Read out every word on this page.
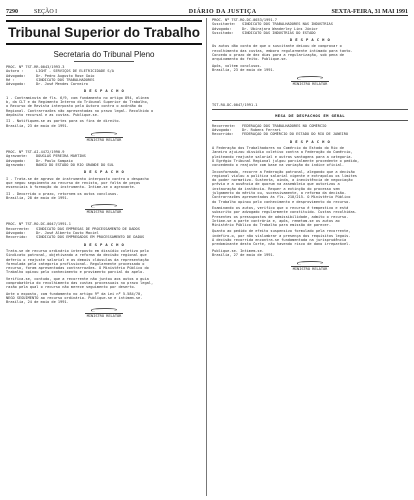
7290	SEÇÃO I	DIÁRIO DA JUSTIÇA	SEXTA-FEIRA, 31 MAI 1991
Tribunal Superior do Trabalho
Secretaria do Tribunal Pleno
PROC. Nº TST-RR-0043/1993.3
Autora :	LIGHT - SERVIÇOS DE ELETRICIDADE S/A
Advogado:	Dr. Pedro Augusto Rose Gaio
Ré :	SINDICATO DOS TRABALHADORES
Advogado:	Dr. José Mendes Carneiro
D E S P A C H O
1 - Contraminuta de fls. 6/9, com fundamento no artigo 894, alínea
b, da CLT e do Regimento Interno do Tribunal Superior do Trabalho,
o Recurso de Revista interposto pela Autora contra o acórdão do
Regional. Contrarrazões não apresentadas no prazo legal. Recolhido o
depósito recursal e as custas. Publique-se.
II - Notifiquem-se as partes para os fins de direito.
Brasília, 23 de maio de 1991.
MINISTRO RELATOR
PROC. Nº TST-AI-4472/1990.9
Agravante:	DOUGLAS PEREIRA MARTINS
Advogado:	Dr. Paulo Sampaio
Agravado:	BANCO DO ESTADO DO RIO GRANDE DO SUL
D E S P A C H O
I - Trata-se de agravo de instrumento interposto contra o despacho
que negou seguimento ao recurso de revista, por falta de peças
essenciais à formação do instrumento. Intime-se o agravante.
II - Decorrido o prazo, retornem os autos conclusos.
Brasília, 28 de maio de 1991.
MINISTRO RELATOR
PROC. Nº TST-RO-DC-0047/1991.1
Recorrente:	SINDICATO DAS EMPRESAS DE PROCESSAMENTO DE DADOS
Advogado:	Dr. José Alberto Couto Maciel
Recorrido:	SINDICATO DOS EMPREGADOS EM PROCESSAMENTO DE DADOS
D E S P A C H O
Trata-se de recurso ordinário interposto em dissídio coletivo pelo
Sindicato patronal, objetivando a reforma da decisão regional que
deferiu o reajuste salarial e as demais cláusulas da representação
formulada pela categoria profissional. Regularmente processado o
recurso, foram apresentadas contrarrazões. O Ministério Público do
Trabalho opinou pelo conhecimento e provimento parcial do apelo.
Verifica-se, contudo, que a recorrente não juntou aos autos a guia
comprobatória do recolhimento das custas processuais no prazo legal,
razão pela qual o recurso não merece seguimento por deserto.
Ante o exposto, com fundamento no artigo 9º da Lei nº 5.584/70,
NEGO SEGUIMENTO ao recurso ordinário. Publique-se e intimem-se.
Brasília, 24 de maio de 1991.
MINISTRO RELATOR
PROC. Nº TST-RO-DC-0033/1991.7
Suscitante:	SINDICATO DOS TRABALHADORES NAS INDÚSTRIAS
Advogado:	Dr. Ubirajara Wanderley Lins Júnior
Suscitado:	SINDICATO DAS INDÚSTRIAS DO ESTADO
D E S P A C H O
Os autos dão conta de que o suscitante deixou de comprovar o
recolhimento das custas, embora regularmente intimado para tanto.
Concedo o prazo de dez dias para a regularização, sob pena de
arquivamento do feito. Publique-se.
Após, voltem conclusos.
Brasília, 23 de maio de 1991.
MINISTRO RELATOR
TST-RO-DC-0047/1991.1
MESA DE DESPACHOS EM GERAL
Recorrente:	FEDERAÇÃO DOS TRABALHADORES NO COMÉRCIO
Advogado:	Dr. Rubens Ferrari
Recorrido:	FEDERAÇÃO DO COMÉRCIO DO ESTADO DO RIO DE JANEIRO
D E S P A C H O
A Federação dos Trabalhadores no Comércio do Estado do Rio de
Janeiro ajuizou dissídio coletivo contra a Federação do Comércio,
pleiteando reajuste salarial e outras vantagens para a categoria.
O Egrégio Tribunal Regional julgou parcialmente procedente o pedido,
concedendo o reajuste com base na variação do índice oficial.
Inconformada, recorre a Federação patronal, alegando que a decisão
regional violou a política salarial vigente e extrapolou os limites
do poder normativo. Sustenta, ainda, a inexistência de negociação
prévia e a ausência de quorum na assembleia que autorizou a
instauração da instância. Requer a extinção do processo sem
julgamento do mérito ou, sucessivamente, a reforma da decisão.
Contrarrazões apresentadas às fls. 210/215. O Ministério Público
do Trabalho opinou pelo conhecimento e desprovimento do recurso.
Examinando os autos, verifico que o recurso é tempestivo e está
subscrito por advogado regularmente constituído. Custas recolhidas.
Presentes os pressupostos de admissibilidade, admito o recurso.
Intime-se a parte contrária e, após, remetam-se os autos ao
Ministério Público do Trabalho para emissão de parecer.
Quanto ao pedido de efeito suspensivo formulado pela recorrente,
indefiro-o, por não vislumbrar a presença dos requisitos legais.
A decisão recorrida encontra-se fundamentada na jurisprudência
predominante desta Corte, não havendo risco de dano irreparável.
Publique-se. Intimem-se.
Brasília, 27 de maio de 1991.
MINISTRO RELATOR
